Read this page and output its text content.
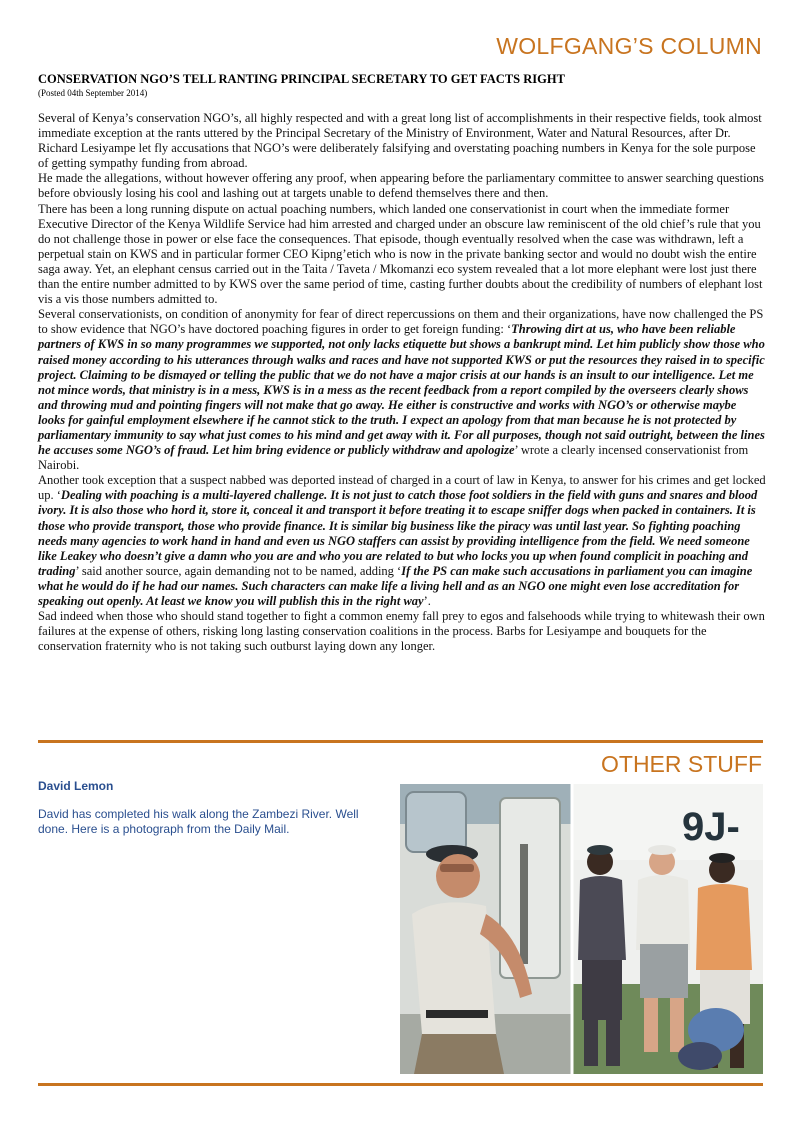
WOLFGANG’S COLUMN
CONSERVATION NGO’S TELL RANTING PRINCIPAL SECRETARY TO GET FACTS RIGHT
(Posted 04th September 2014)

Several of Kenya’s conservation NGO’s, all highly respected and with a great long list of accomplishments in their respective fields, took almost immediate exception at the rants uttered by the Principal Secretary of the Ministry of Environment, Water and Natural Resources, after Dr. Richard Lesiyampe let fly accusations that NGO’s were deliberately falsifying and overstating poaching numbers in Kenya for the sole purpose of getting sympathy funding from abroad.

He made the allegations, without however offering any proof, when appearing before the parliamentary committee to answer searching questions before obviously losing his cool and lashing out at targets unable to defend themselves there and then.

There has been a long running dispute on actual poaching numbers, which landed one conservationist in court when the immediate former Executive Director of the Kenya Wildlife Service had him arrested and charged under an obscure law reminiscent of the old chief’s rule that you do not challenge those in power or else face the consequences. That episode, though eventually resolved when the case was withdrawn, left a perpetual stain on KWS and in particular former CEO Kipng’etich who is now in the private banking sector and would no doubt wish the entire saga away. Yet, an elephant census carried out in the Taita / Taveta / Mkomanzi eco system revealed that a lot more elephant were lost just there than the entire number admitted to by KWS over the same period of time, casting further doubts about the credibility of numbers of elephant lost vis a vis those numbers admitted to.

Several conservationists, on condition of anonymity for fear of direct repercussions on them and their organizations, have now challenged the PS to show evidence that NGO’s have doctored poaching figures in order to get foreign funding: ‘Throwing dirt at us, who have been reliable partners of KWS in so many programmes we supported, not only lacks etiquette but shows a bankrupt mind. Let him publicly show those who raised money according to his utterances through walks and races and have not supported KWS or put the resources they raised in to specific project. Claiming to be dismayed or telling the public that we do not have a major crisis at our hands is an insult to our intelligence. Let me not mince words, that ministry is in a mess, KWS is in a mess as the recent feedback from a report compiled by the overseers clearly shows and throwing mud and pointing fingers will not make that go away. He either is constructive and works with NGO’s or otherwise maybe looks for gainful employment elsewhere if he cannot stick to the truth. I expect an apology from that man because he is not protected by parliamentary immunity to say what just comes to his mind and get away with it. For all purposes, though not said outright, between the lines he accuses some NGO’s of fraud. Let him bring evidence or publicly withdraw and apologize’ wrote a clearly incensed conservationist from Nairobi.

Another took exception that a suspect nabbed was deported instead of charged in a court of law in Kenya, to answer for his crimes and get locked up. ‘Dealing with poaching is a multi-layered challenge. It is not just to catch those foot soldiers in the field with guns and snares and blood ivory. It is also those who hord it, store it, conceal it and transport it before treating it to escape sniffer dogs when packed in containers. It is those who provide transport, those who provide finance. It is similar big business like the piracy was until last year. So fighting poaching needs many agencies to work hand in hand and even us NGO staffers can assist by providing intelligence from the field. We need someone like Leakey who doesn’t give a damn who you are and who you are related to but who locks you up when found complicit in poaching and trading’ said another source, again demanding not to be named, adding ‘If the PS can make such accusations in parliament you can imagine what he would do if he had our names. Such characters can make life a living hell and as an NGO one might even lose accreditation for speaking out openly. At least we know you will publish this in the right way’.

Sad indeed when those who should stand together to fight a common enemy fall prey to egos and falsehoods while trying to whitewash their own failures at the expense of others, risking long lasting conservation coalitions in the process. Barbs for Lesiyampe and bouquets for the conservation fraternity who is not taking such outburst laying down any longer.

OTHER STUFF
David Lemon
David has completed his walk along the Zambezi River. Well done. Here is a photograph from the Daily Mail.	9J-
